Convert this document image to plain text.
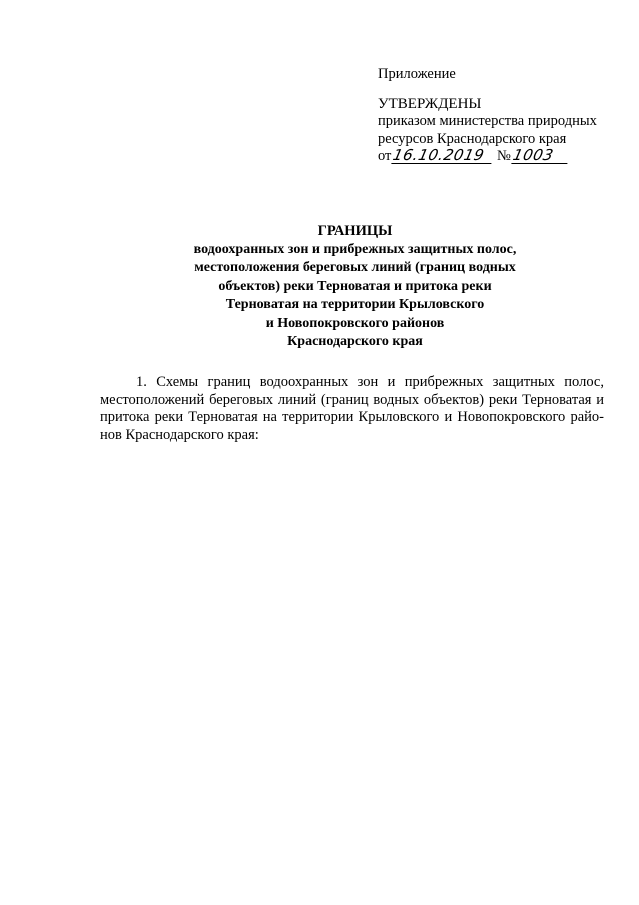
Приложение
УТВЕРЖДЕНЫ
приказом министерства природных
ресурсов Краснодарского края
от16.10.2019 №1003
ГРАНИЦЫ
водоохранных зон и прибрежных защитных полос,
местоположения береговых линий (границ водных
объектов) реки Терноватая и притока реки
Терноватая на территории Крыловского
и Новопокровского районов
Краснодарского края
1. Схемы границ водоохранных зон и прибрежных защитных полос,
местоположений береговых линий (границ водных объектов) реки Терноватая и
притока реки Терноватая на территории Крыловского и Новопокровского райо-
нов Краснодарского края:
